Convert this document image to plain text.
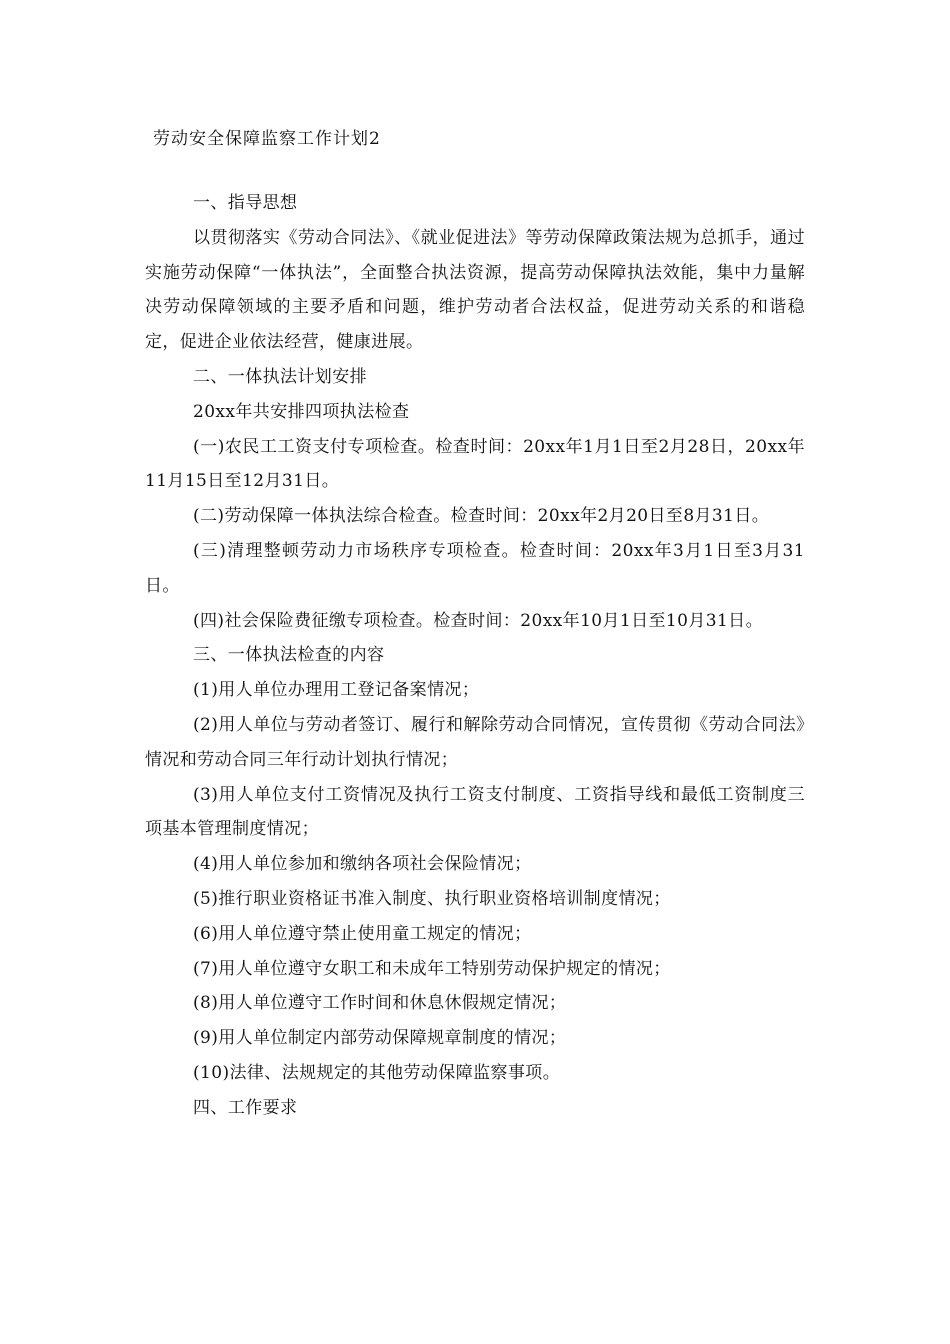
劳动安全保障监察工作计划2

一、指导思想

以贯彻落实《劳动合同法》、《就业促进法》等劳动保障政策法规为总抓手，通过实施劳动保障“一体执法”，全面整合执法资源，提高劳动保障执法效能，集中力量解决劳动保障领域的主要矛盾和问题，维护劳动者合法权益，促进劳动关系的和谐稳定，促进企业依法经营，健康进展。

二、一体执法计划安排

20xx年共安排四项执法检查

(一)农民工工资支付专项检查。检查时间：20xx年1月1日至2月28日，20xx年11月15日至12月31日。

(二)劳动保障一体执法综合检查。检查时间：20xx年2月20日至8月31日。

(三)清理整顿劳动力市场秩序专项检查。检查时间：20xx年3月1日至3月31日。

(四)社会保险费征缴专项检查。检查时间：20xx年10月1日至10月31日。

三、一体执法检查的内容

(1)用人单位办理用工登记备案情况；

(2)用人单位与劳动者签订、履行和解除劳动合同情况，宣传贯彻《劳动合同法》情况和劳动合同三年行动计划执行情况；

(3)用人单位支付工资情况及执行工资支付制度、工资指导线和最低工资制度三项基本管理制度情况；

(4)用人单位参加和缴纳各项社会保险情况；

(5)推行职业资格证书准入制度、执行职业资格培训制度情况；

(6)用人单位遵守禁止使用童工规定的情况；

(7)用人单位遵守女职工和未成年工特别劳动保护规定的情况；

(8)用人单位遵守工作时间和休息休假规定情况；

(9)用人单位制定内部劳动保障规章制度的情况；

(10)法律、法规规定的其他劳动保障监察事项。

四、工作要求
